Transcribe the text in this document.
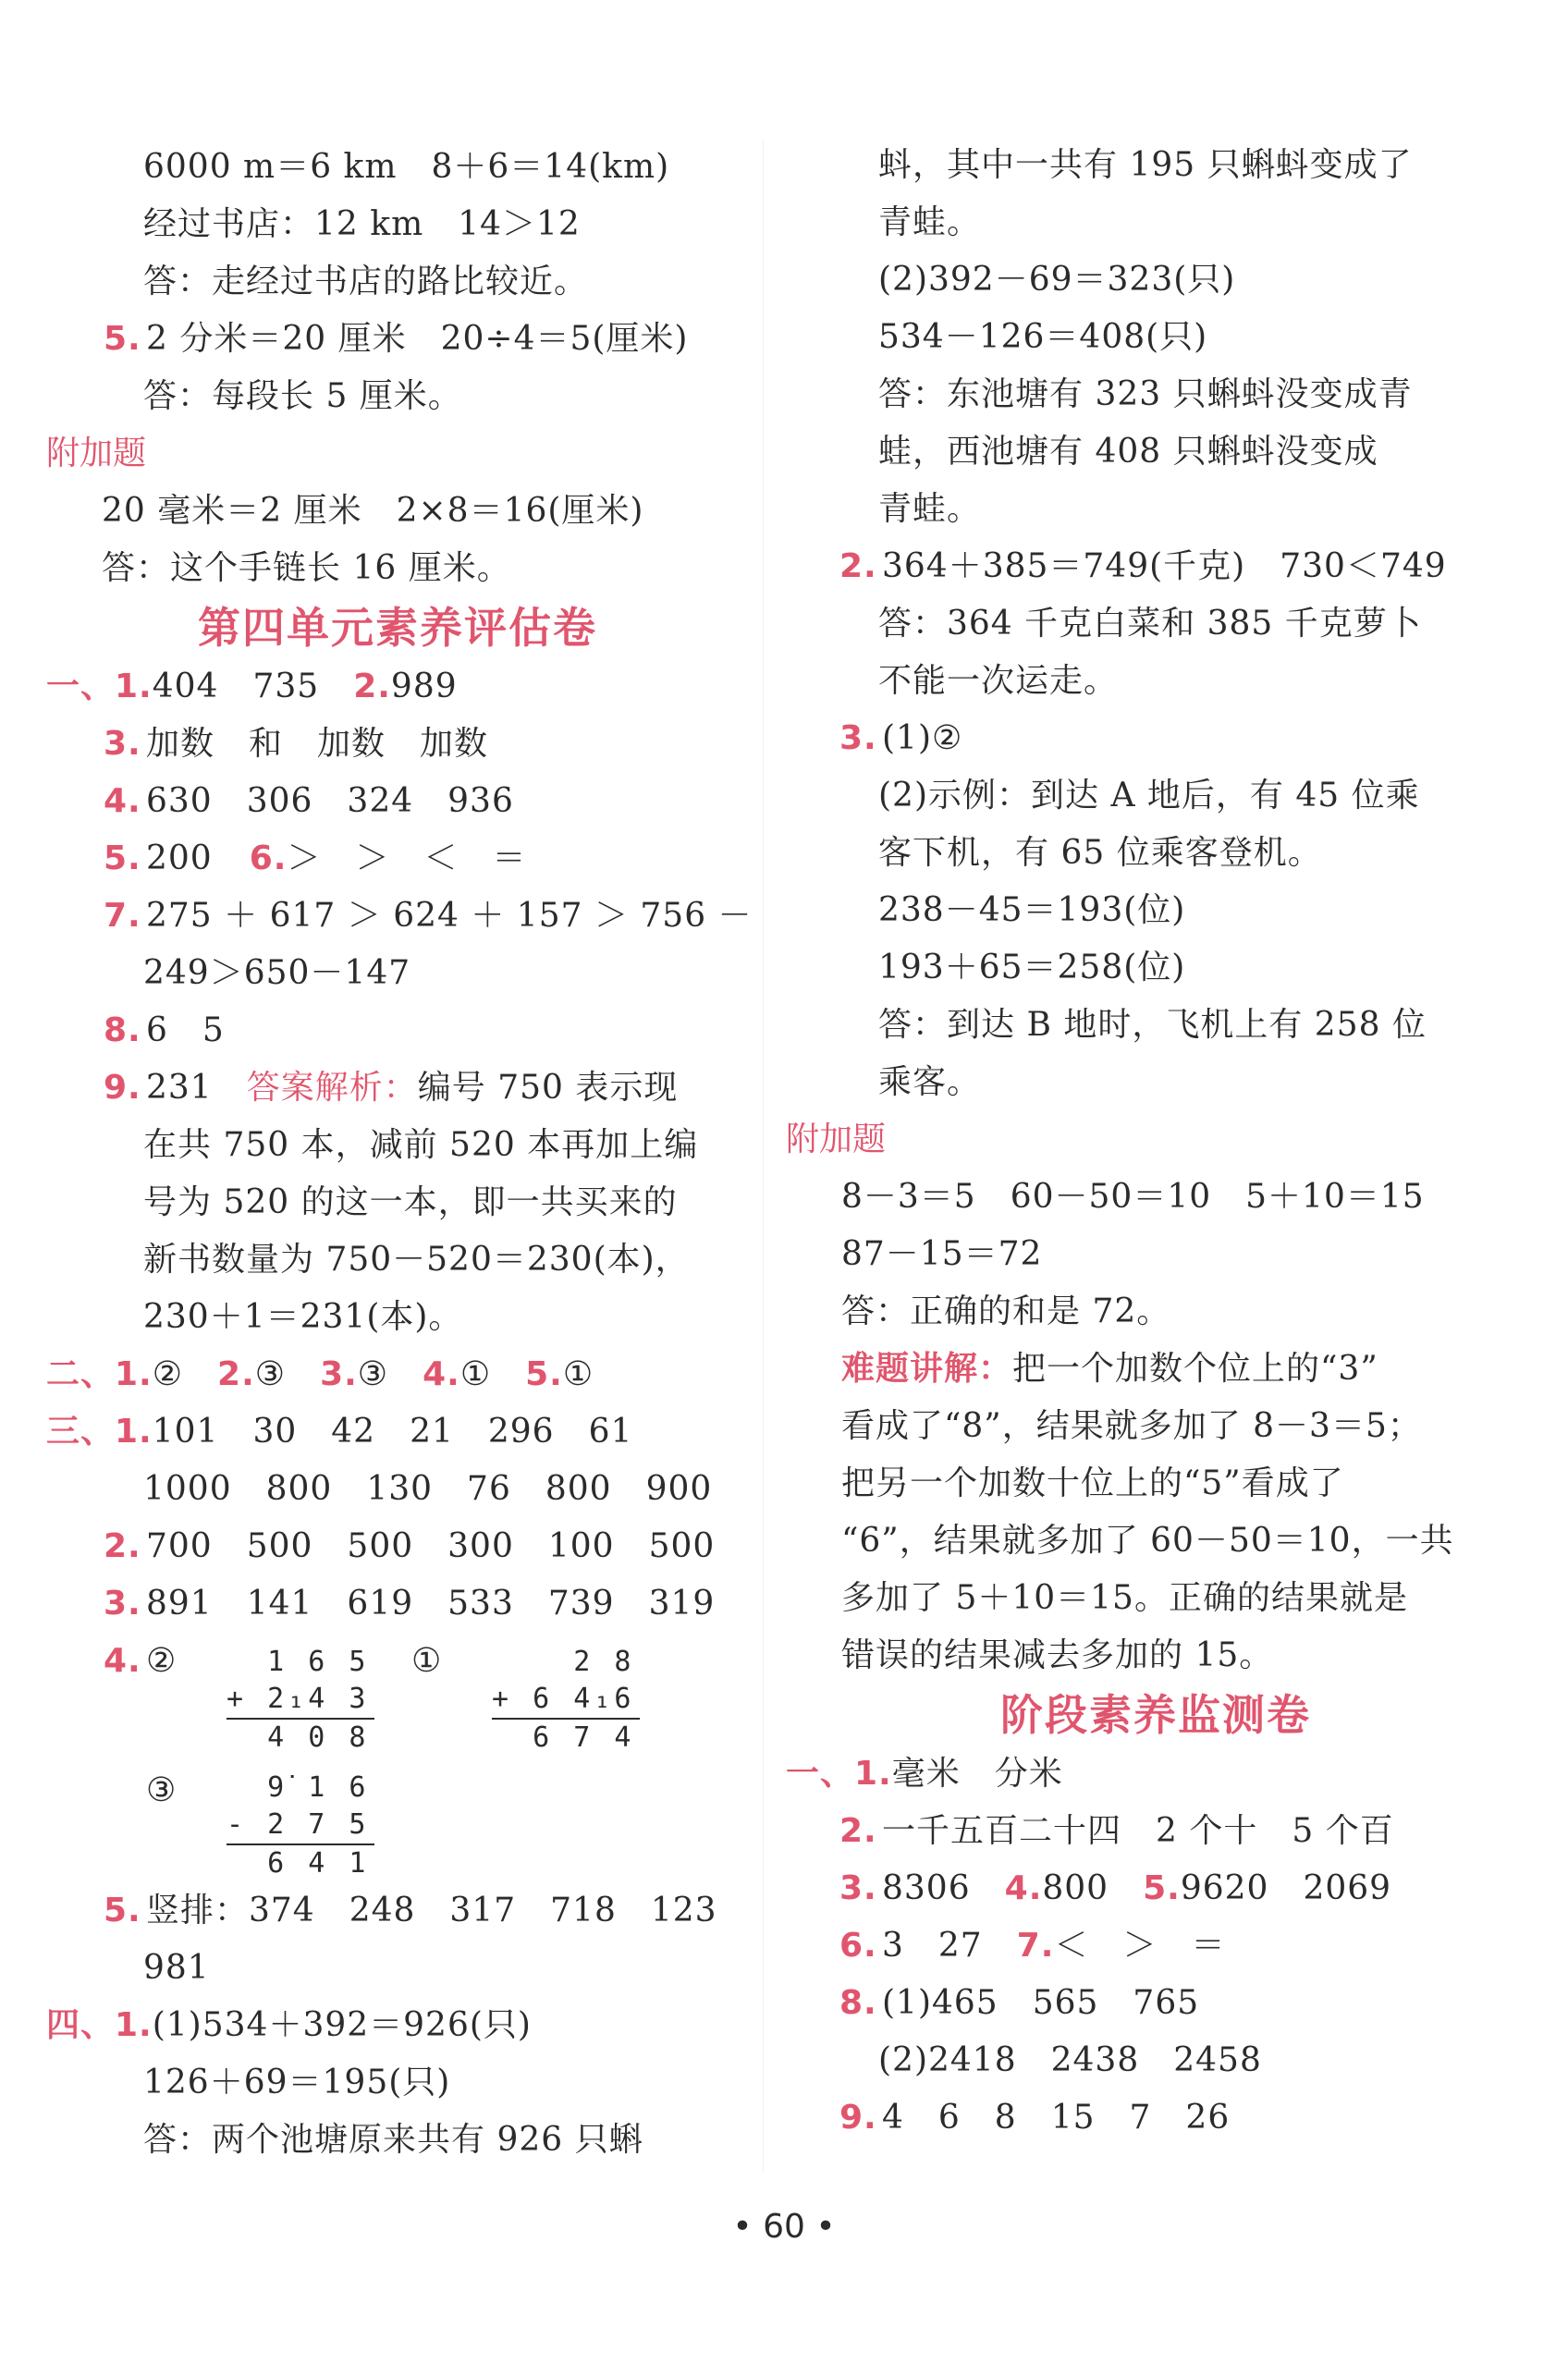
6000 m＝6 km　8＋6＝14(km)
经过书店：12 km　14＞12
答：走经过书店的路比较近。
5. 2 分米＝20 厘米　20÷4＝5(厘米)
答：每段长 5 厘米。
附加题
20 毫米＝2 厘米　2×8＝16(厘米)
答：这个手链长 16 厘米。
第四单元素养评估卷
一、1.404　735　 2.989
3. 加数　和　加数　加数
4. 630　306　324　936
5. 200 6.＞　＞　＜　＝
7. 275 ＋ 617 ＞ 624 ＋ 157 ＞ 756 －
249＞650－147
8. 6　5
9. 231　 答案解析：编号 750 表示现
在共 750 本，减前 520 本再加上编
号为 520 的这一本，即一共买来的
新书数量为 750－520＝230(本)，
230＋1＝231(本)。
二、1.②　 2.③　 3.③　 4.①　 5.①
三、1.101　30　42　21　296　61
1000　800　130　76　800　900
2. 700　500　500　300　100　500
3. 891　141　619　533　739　319
4. ② 1 6 5
+ 2₁4 3
4 0 8
① 2 8
+ 6 4₁6
6 7 4
③ 9̇ 1 6
- 2 7 5
6 4 1
5. 竖排：374　248　317　718　123
981
四、1.(1)534＋392＝926(只)
126＋69＝195(只)
答：两个池塘原来共有 926 只蝌
蚪，其中一共有 195 只蝌蚪变成了
青蛙。
(2)392－69＝323(只)
534－126＝408(只)
答：东池塘有 323 只蝌蚪没变成青
蛙，西池塘有 408 只蝌蚪没变成
青蛙。
2. 364＋385＝749(千克)　730＜749
答：364 千克白菜和 385 千克萝卜
不能一次运走。
3. (1)②
(2)示例：到达 A 地后，有 45 位乘
客下机，有 65 位乘客登机。
238－45＝193(位)
193＋65＝258(位)
答：到达 B 地时，飞机上有 258 位
乘客。
附加题
8－3＝5　60－50＝10　5＋10＝15
87－15＝72
答：正确的和是 72。
难题讲解：把一个加数个位上的“3”
看成了“8”，结果就多加了 8－3＝5；
把另一个加数十位上的“5”看成了
“6”，结果就多加了 60－50＝10，一共
多加了 5＋10＝15。正确的结果就是
错误的结果减去多加的 15。
阶段素养监测卷
一、1.毫米　分米
2. 一千五百二十四　2 个十　5 个百
3. 8306　 4.800　 5.9620　2069
6. 3　27　 7.＜　＞　＝
8. (1)465　565　765
(2)2418　2438　2458
9. 4　6　8　15　7　26
• 60 •
